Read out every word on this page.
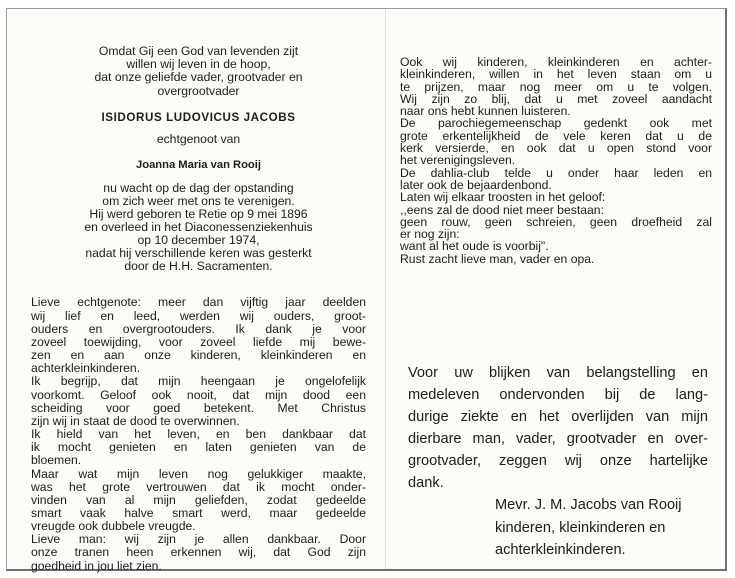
Omdat Gij een God van levenden zijt
willen wij leven in de hoop,
dat onze geliefde vader, grootvader en
overgrootvader
ISIDORUS LUDOVICUS JACOBS
echtgenoot van
Joanna Maria van Rooij
nu wacht op de dag der opstanding
om zich weer met ons te verenigen.
Hij werd geboren te Retie op 9 mei 1896
en overleed in het Diaconessenziekenhuis
op 10 december 1974,
nadat hij verschillende keren was gesterkt
door de H.H. Sacramenten.
Lieve echtgenote: meer dan vijftig jaar deelden
wij lief en leed, werden wij ouders, groot-
ouders en overgrootouders. Ik dank je voor
zoveel toewijding, voor zoveel liefde mij bewe-
zen en aan onze kinderen, kleinkinderen en
achterkleinkinderen.
Ik begrijp, dat mijn heengaan je ongelofelijk
voorkomt. Geloof ook nooit, dat mijn dood een
scheiding voor goed betekent. Met Christus
zijn wij in staat de dood te overwinnen.
Ik hield van het leven, en ben dankbaar dat
ik mocht genieten en laten genieten van de
bloemen.
Maar wat mijn leven nog gelukkiger maakte,
was het grote vertrouwen dat ik mocht onder-
vinden van al mijn geliefden, zodat gedeelde
smart vaak halve smart werd, maar gedeelde
vreugde ook dubbele vreugde.
Lieve man: wij zijn je allen dankbaar. Door
onze tranen heen erkennen wij, dat God zijn
goedheid in jou liet zien.
Ook wij kinderen, kleinkinderen en achter-
kleinkinderen, willen in het leven staan om u
te prijzen, maar nog meer om u te volgen.
Wij zijn zo blij, dat u met zoveel aandacht
naar ons hebt kunnen luisteren.
De parochiegemeenschap gedenkt ook met
grote erkentelijkheid de vele keren dat u de
kerk versierde, en ook dat u open stond voor
het verenigingsleven.
De dahlia-club telde u onder haar leden en
later ook de bejaardenbond.
Laten wij elkaar troosten in het geloof:
,,eens zal de dood niet meer bestaan:
geen rouw, geen schreien, geen droefheid zal
er nog zijn:
want al het oude is voorbij".
Rust zacht lieve man, vader en opa.
Voor uw blijken van belangstelling en
medeleven ondervonden bij de lang-
durige ziekte en het overlijden van mijn
dierbare man, vader, grootvader en over-
grootvader, zeggen wij onze hartelijke
dank.
Mevr. J. M. Jacobs van Rooij
kinderen, kleinkinderen en
achterkleinkinderen.
